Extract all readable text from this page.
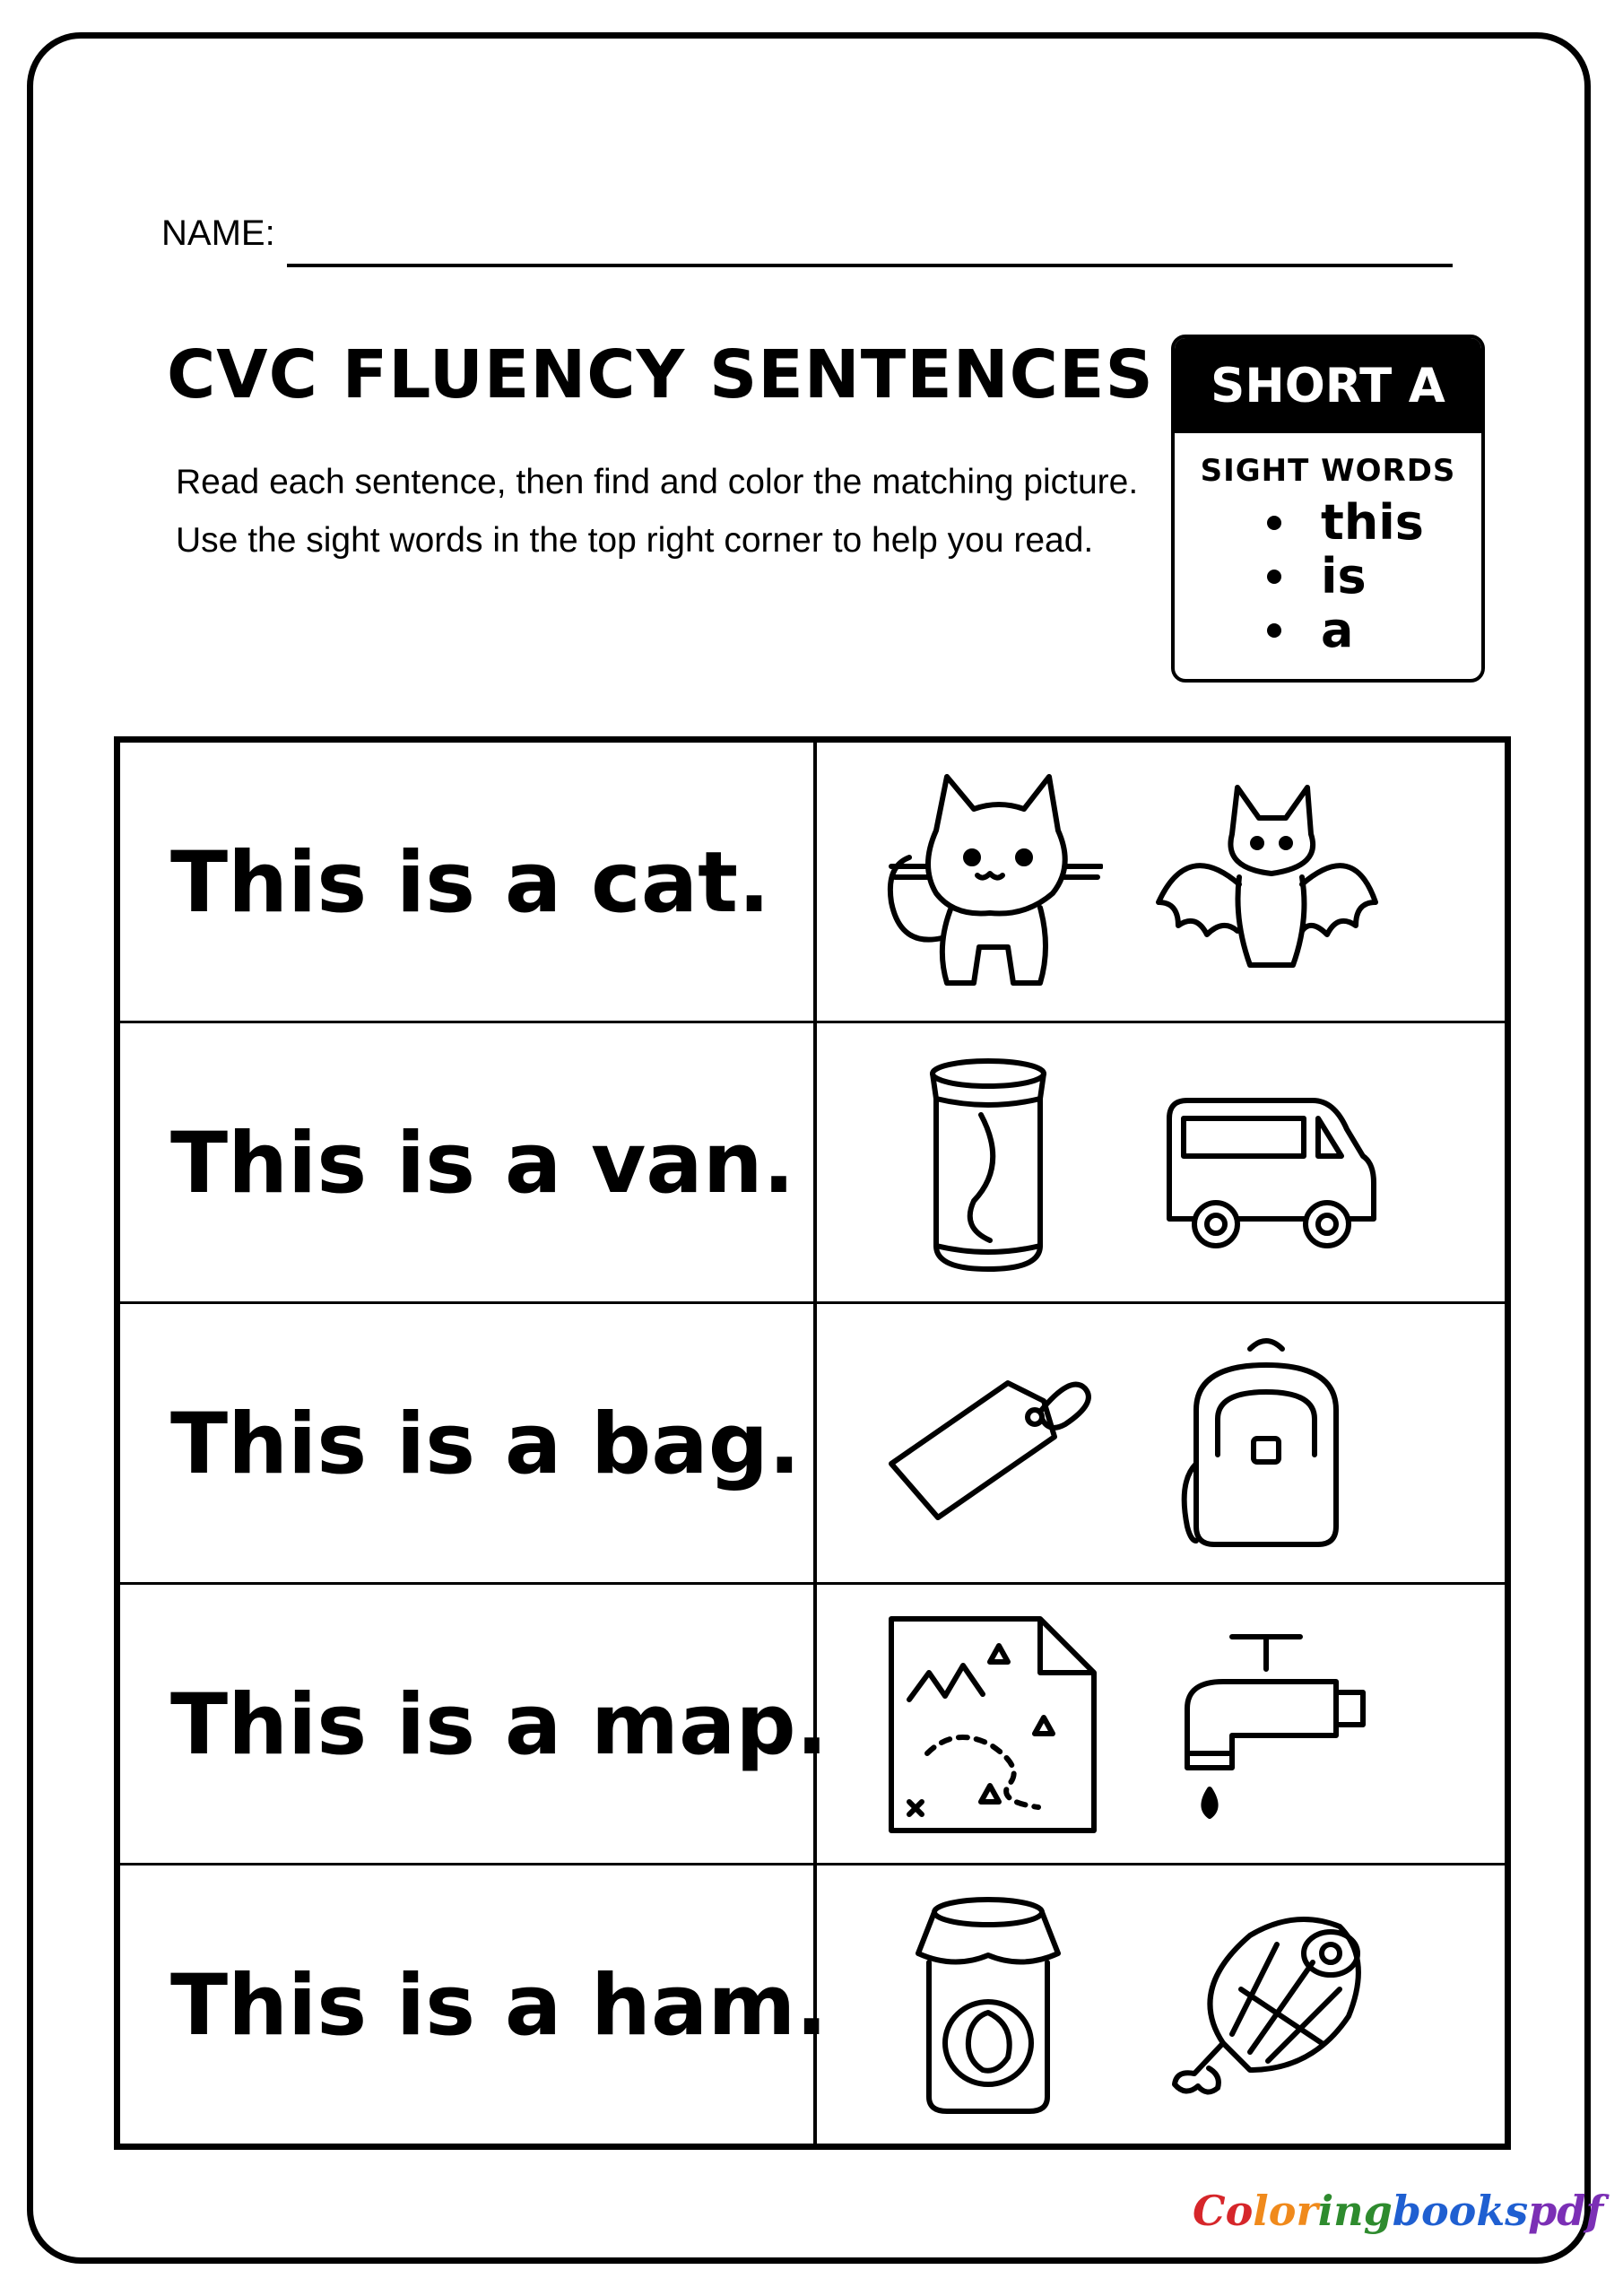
NAME:
CVC FLUENCY SENTENCES
Read each sentence, then find and color the matching picture. Use the sight words in the top right corner to help you read.
SHORT A
SIGHT WORDS
this
is
a
This is a cat.
This is a van.
This is a bag.
This is a map.
This is a ham.
Coloringbookspdf
